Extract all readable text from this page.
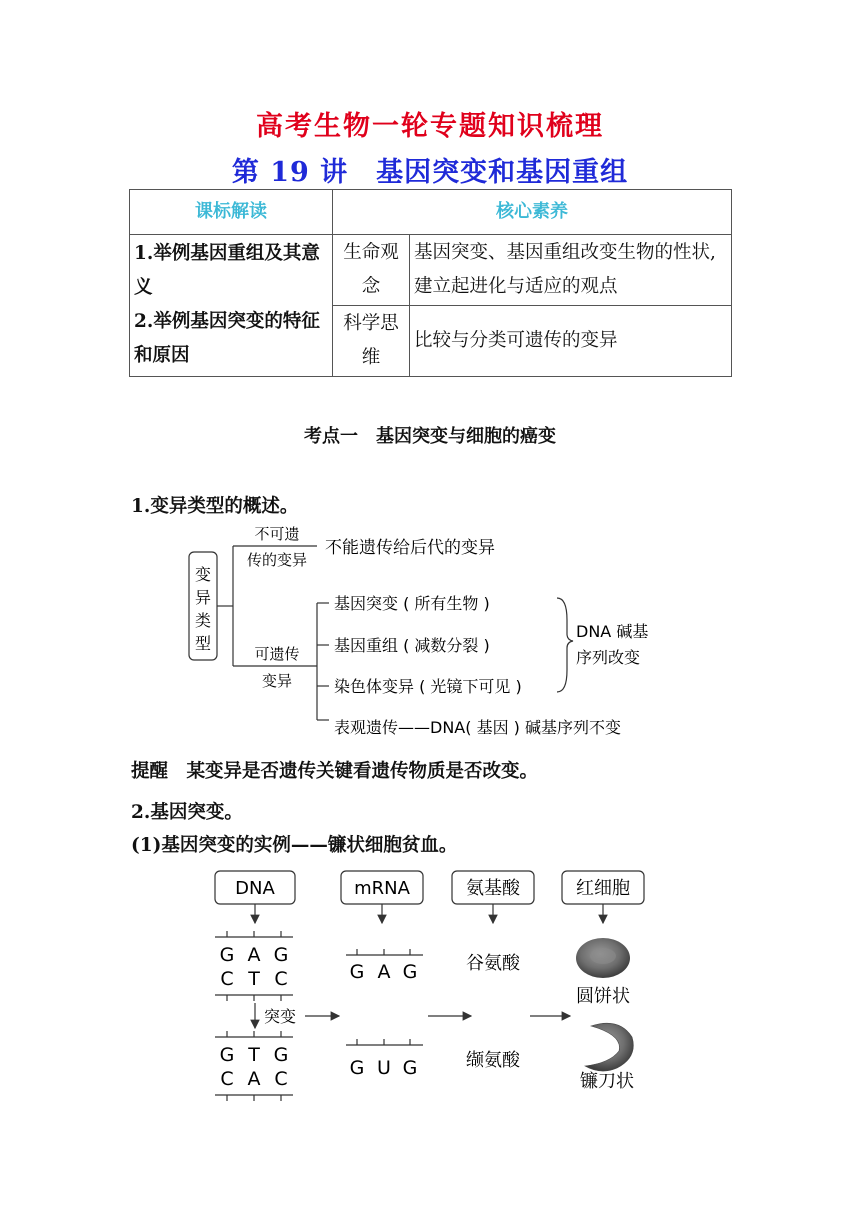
高考生物一轮专题知识梳理
第 19 讲　基因突变和基因重组
课标解读	核心素养	

1.举例基因重组及其意义
2.举例基因突变的特征和原因	生命观念	基因突变、基因重组改变生物的性状,建立起进化与适应的观点
	科学思维	比较与分类可遗传的变异
考点一　基因突变与细胞的癌变
1.变异类型的概述。
变
异
类
型
不可遗
传的变异
不能遗传给后代的变异
可遗传
变异
基因突变 ( 所有生物 )
基因重组 ( 减数分裂 )
染色体变异 ( 光镜下可见 )
表观遗传——DNA( 基因 ) 碱基序列不变
DNA 碱基
序列改变
提醒　某变异是否遗传关键看遗传物质是否改变。
2.基因突变。
(1)基因突变的实例——镰状细胞贫血。
DNA	mRNA	氨基酸	红细胞
G A G
C T C
突变
G T G
C A C
G A G
G U G
谷氨酸
缬氨酸
圆饼状
镰刀状
